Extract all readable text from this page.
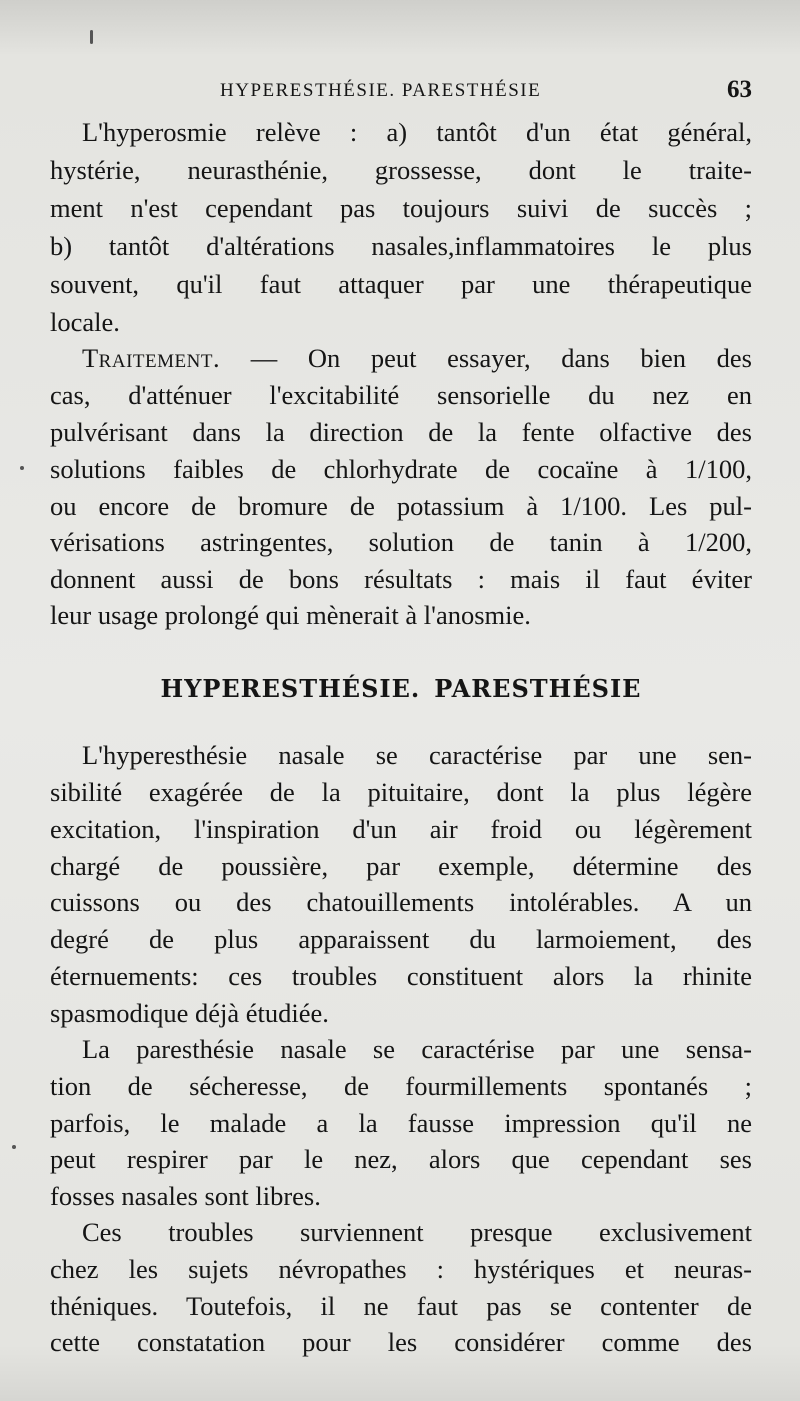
HYPERESTHÉSIE. PARESTHÉSIE	63
L'hyperosmie relève : a) tantôt d'un état général,
hystérie, neurasthénie, grossesse, dont le traite-
ment n'est cependant pas toujours suivi de succès ;
b) tantôt d'altérations nasales,inflammatoires le plus
souvent, qu'il faut attaquer par une thérapeutique
locale.
Traitement. — On peut essayer, dans bien des
cas, d'atténuer l'excitabilité sensorielle du nez en
pulvérisant dans la direction de la fente olfactive des
solutions faibles de chlorhydrate de cocaïne à 1/100,
ou encore de bromure de potassium à 1/100. Les pul-
vérisations astringentes, solution de tanin à 1/200,
donnent aussi de bons résultats : mais il faut éviter
leur usage prolongé qui mènerait à l'anosmie.
HYPERESTHÉSIE. PARESTHÉSIE
L'hyperesthésie nasale se caractérise par une sen-
sibilité exagérée de la pituitaire, dont la plus légère
excitation, l'inspiration d'un air froid ou légèrement
chargé de poussière, par exemple, détermine des
cuissons ou des chatouillements intolérables. A un
degré de plus apparaissent du larmoiement, des
éternuements: ces troubles constituent alors la rhinite
spasmodique déjà étudiée.
La paresthésie nasale se caractérise par une sensa-
tion de sécheresse, de fourmillements spontanés ;
parfois, le malade a la fausse impression qu'il ne
peut respirer par le nez, alors que cependant ses
fosses nasales sont libres.
Ces troubles surviennent presque exclusivement
chez les sujets névropathes : hystériques et neuras-
théniques. Toutefois, il ne faut pas se contenter de
cette constatation pour les considérer comme des
